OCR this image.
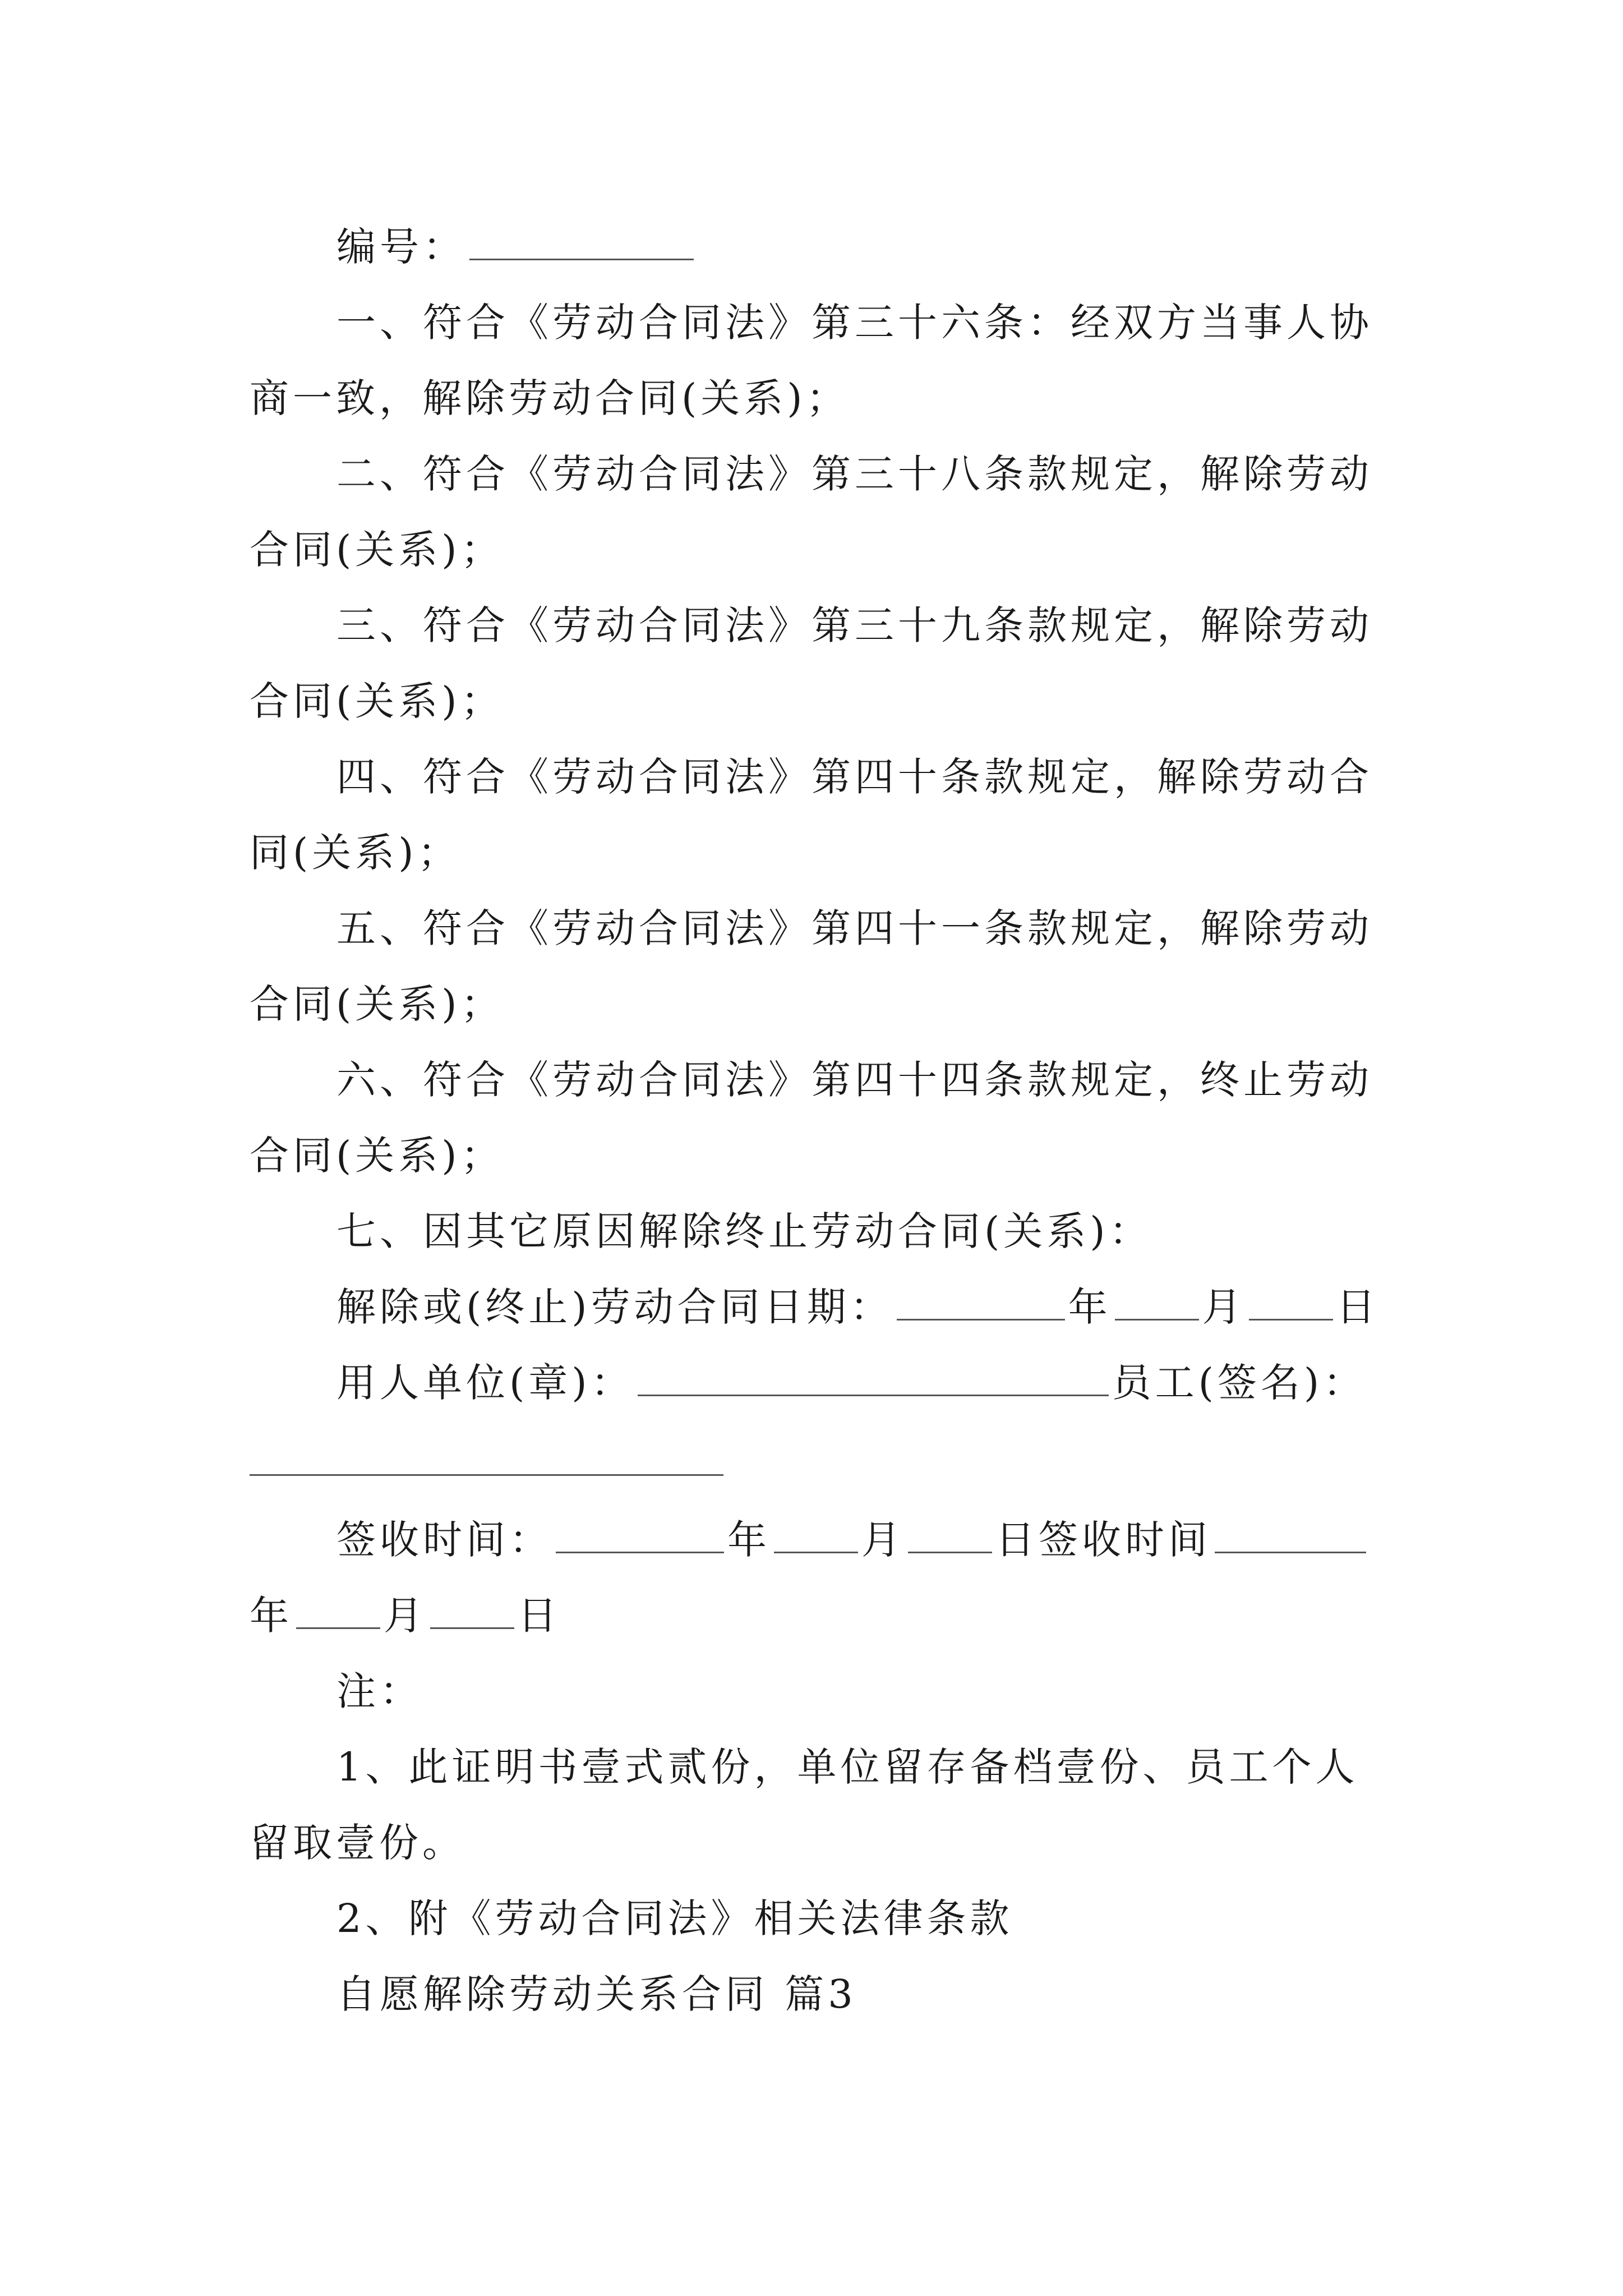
编号：
一、符合《劳动合同法》第三十六条：经双方当事人协
商一致，解除劳动合同(关系)；
二、符合《劳动合同法》第三十八条款规定，解除劳动
合同(关系)；
三、符合《劳动合同法》第三十九条款规定，解除劳动
合同(关系)；
四、符合《劳动合同法》第四十条款规定，解除劳动合
同(关系)；
五、符合《劳动合同法》第四十一条款规定，解除劳动
合同(关系)；
六、符合《劳动合同法》第四十四条款规定，终止劳动
合同(关系)；
七、因其它原因解除终止劳动合同(关系)：
解除或(终止)劳动合同日期：	年 月 日
用人单位(章)：	员工(签名)：
签收时间：	年 月 日签收时间
年 月 日
注：
1、此证明书壹式贰份，单位留存备档壹份、员工个人
留取壹份。
2、附《劳动合同法》相关法律条款
自愿解除劳动关系合同 篇3
